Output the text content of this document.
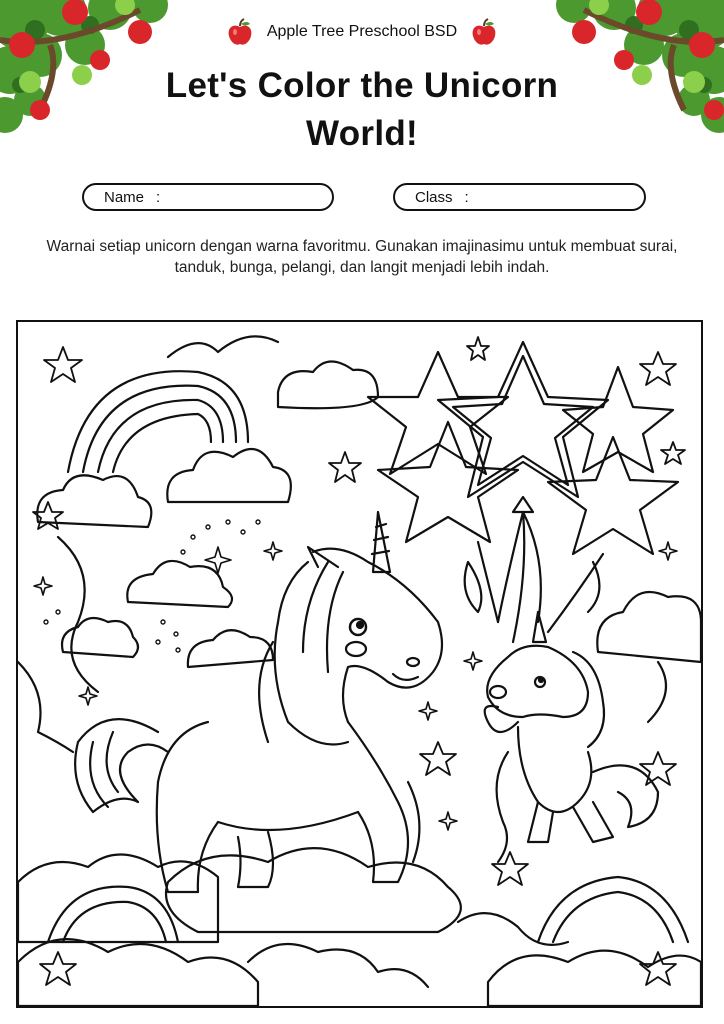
Apple Tree Preschool BSD
Let's Color the Unicorn World!
Name :	Class :
Warnai setiap unicorn dengan warna favoritmu. Gunakan imajinasimu untuk membuat surai, tanduk, bunga, pelangi, dan langit menjadi lebih indah.
